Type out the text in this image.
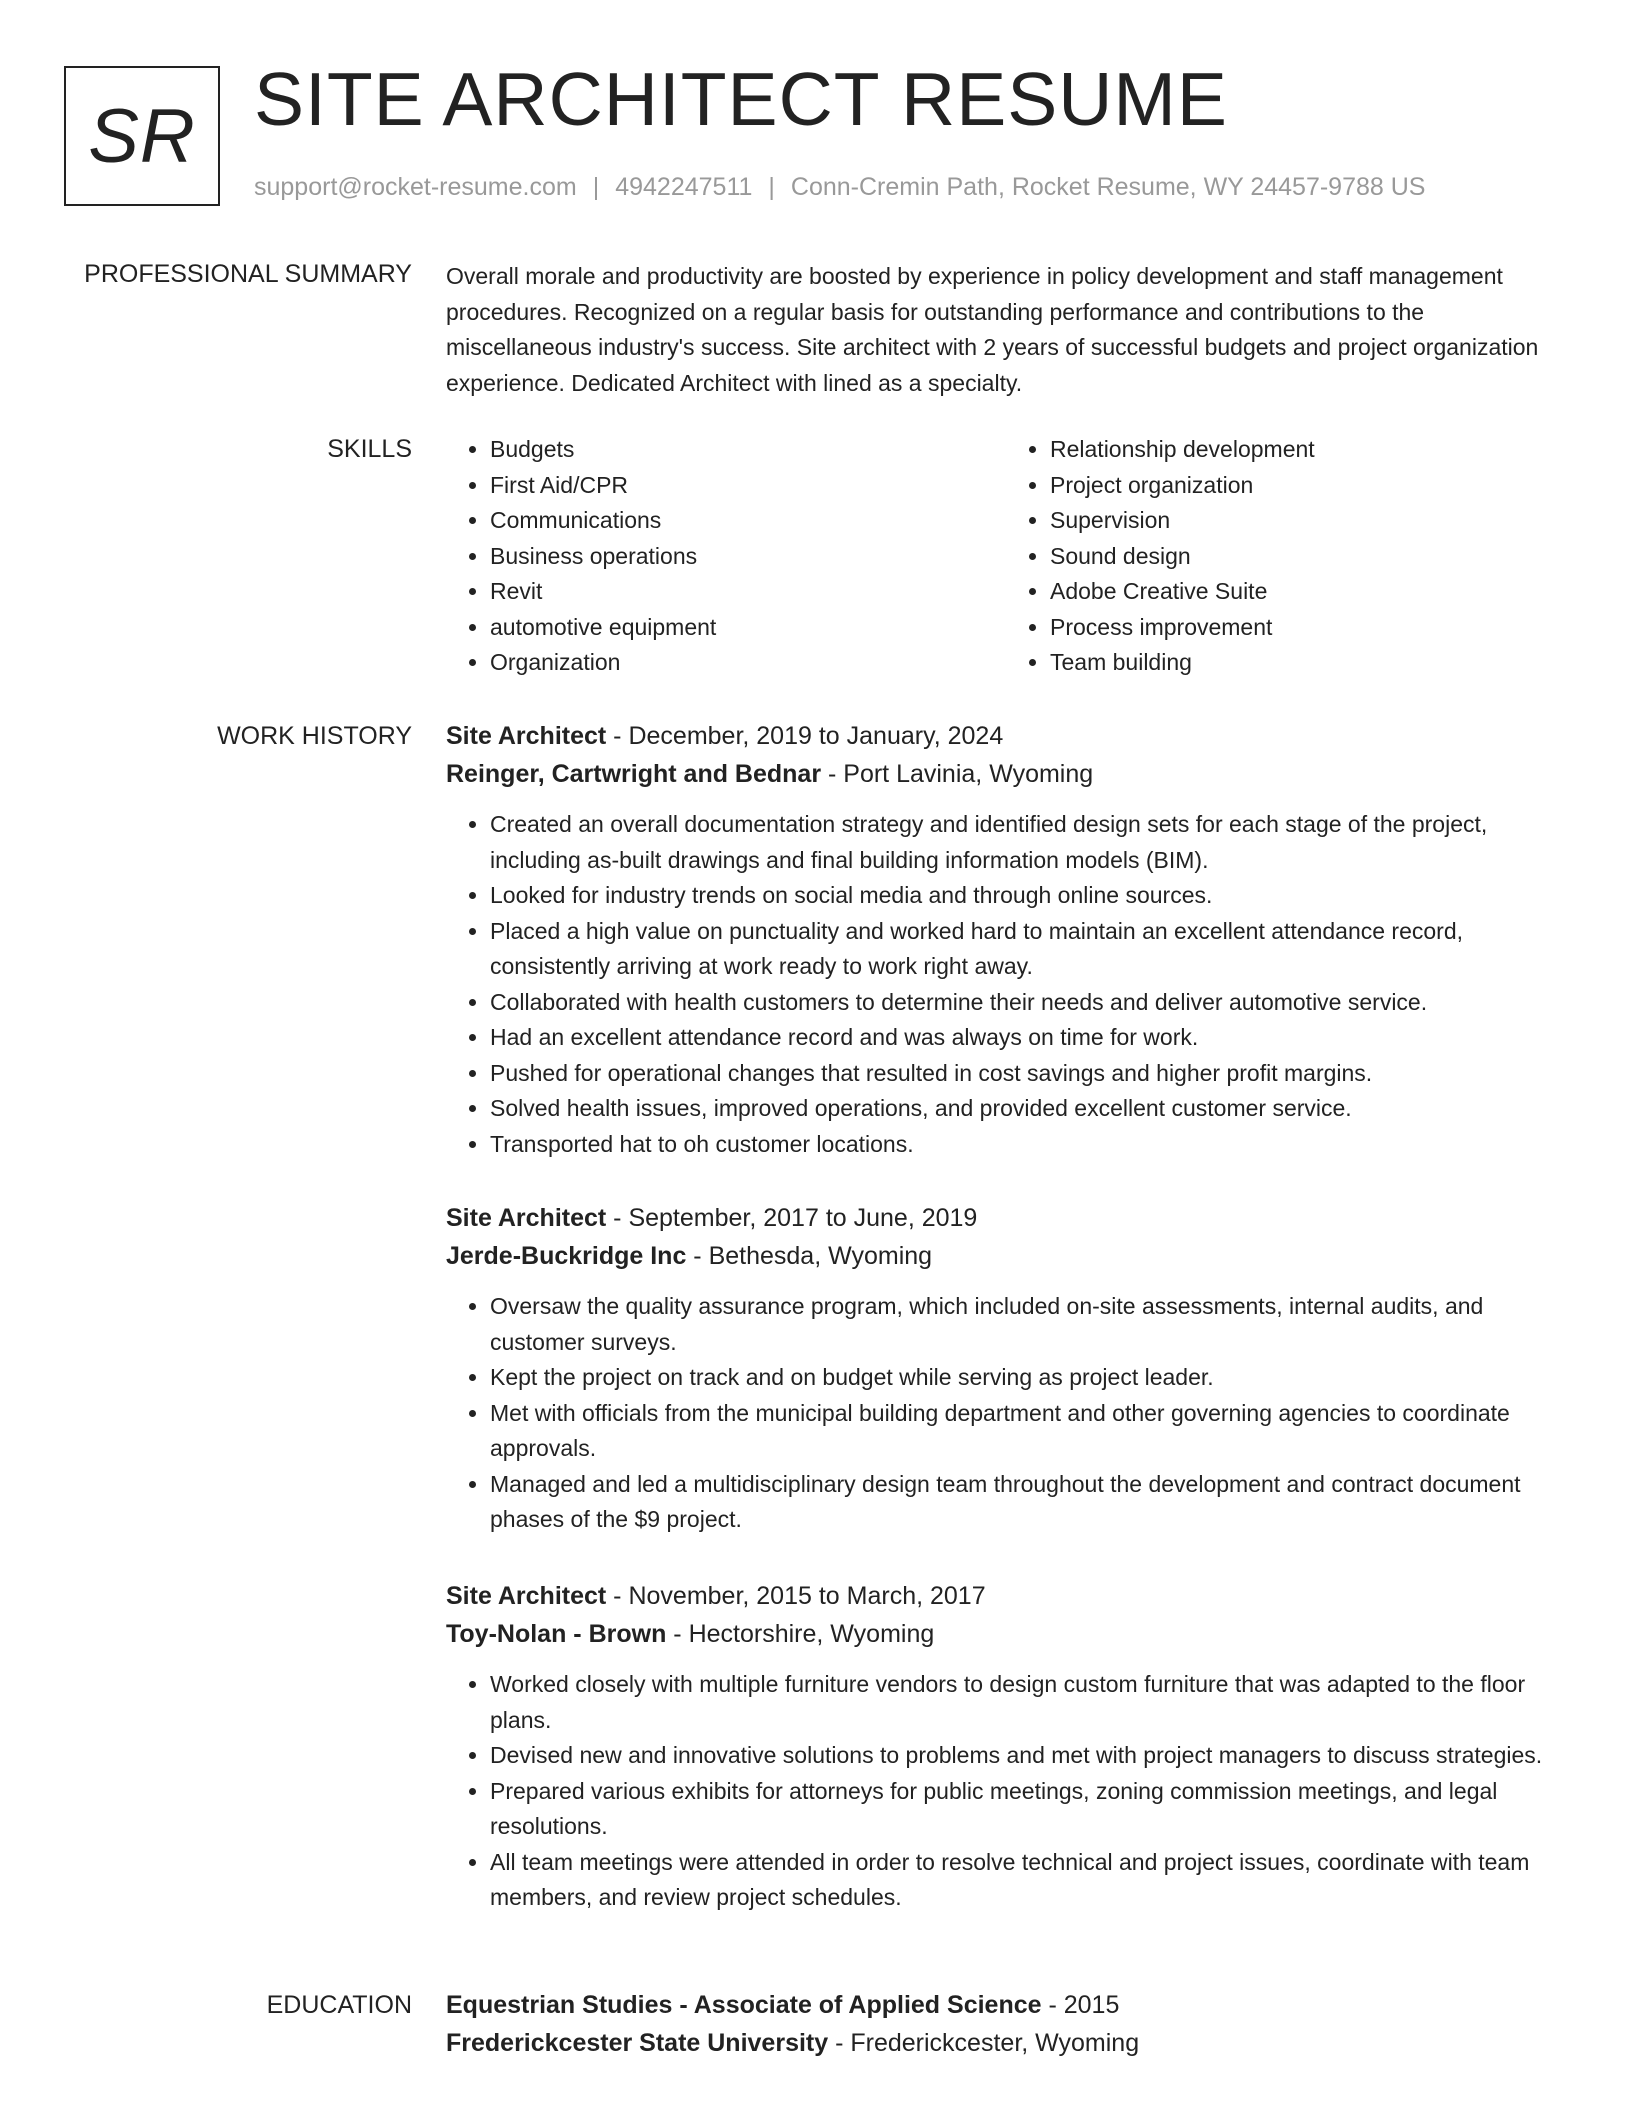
SR SITE ARCHITECT RESUME
support@rocket-resume.com | 4942247511 | Conn-Cremin Path, Rocket Resume, WY 24457-9788 US
PROFESSIONAL SUMMARY Overall morale and productivity are boosted by experience in policy development and staff management procedures. Recognized on a regular basis for outstanding performance and contributions to the miscellaneous industry's success. Site architect with 2 years of successful budgets and project organization experience. Dedicated Architect with lined as a specialty.

SKILLS
•	Budgets
• First Aid/CPR
• Communications
• Business operations
• Revit
• automotive equipment
• Organization
• Relationship development
• Project organization
• Supervision
• Sound design
• Adobe Creative Suite
• Process improvement
• Team building
WORK HISTORY Site Architect - December, 2019 to January, 2024
Reinger, Cartwright and Bednar - Port Lavinia, Wyoming
• Created an overall documentation strategy and identified design sets for each stage of the project, including as-built drawings and final building information models (BIM).
• Looked for industry trends on social media and through online sources.
• Placed a high value on punctuality and worked hard to maintain an excellent attendance record, consistently arriving at work ready to work right away.
• Collaborated with health customers to determine their needs and deliver automotive service.
• Had an excellent attendance record and was always on time for work.
• Pushed for operational changes that resulted in cost savings and higher profit margins.
• Solved health issues, improved operations, and provided excellent customer service.
• Transported hat to oh customer locations.
Site Architect - September, 2017 to June, 2019
Jerde-Buckridge Inc - Bethesda, Wyoming
• Oversaw the quality assurance program, which included on-site assessments, internal audits, and customer surveys.
• Kept the project on track and on budget while serving as project leader.
• Met with officials from the municipal building department and other governing agencies to coordinate approvals.
• Managed and led a multidisciplinary design team throughout the development and contract document phases of the $9 project.
Site Architect - November, 2015 to March, 2017
Toy-Nolan - Brown - Hectorshire, Wyoming
• Worked closely with multiple furniture vendors to design custom furniture that was adapted to the floor plans.
• Devised new and innovative solutions to problems and met with project managers to discuss strategies.
• Prepared various exhibits for attorneys for public meetings, zoning commission meetings, and legal resolutions.
• All team meetings were attended in order to resolve technical and project issues, coordinate with team members, and review project schedules.
EDUCATION Equestrian Studies - Associate of Applied Science - 2015
Frederickcester State University - Frederickcester, Wyoming
